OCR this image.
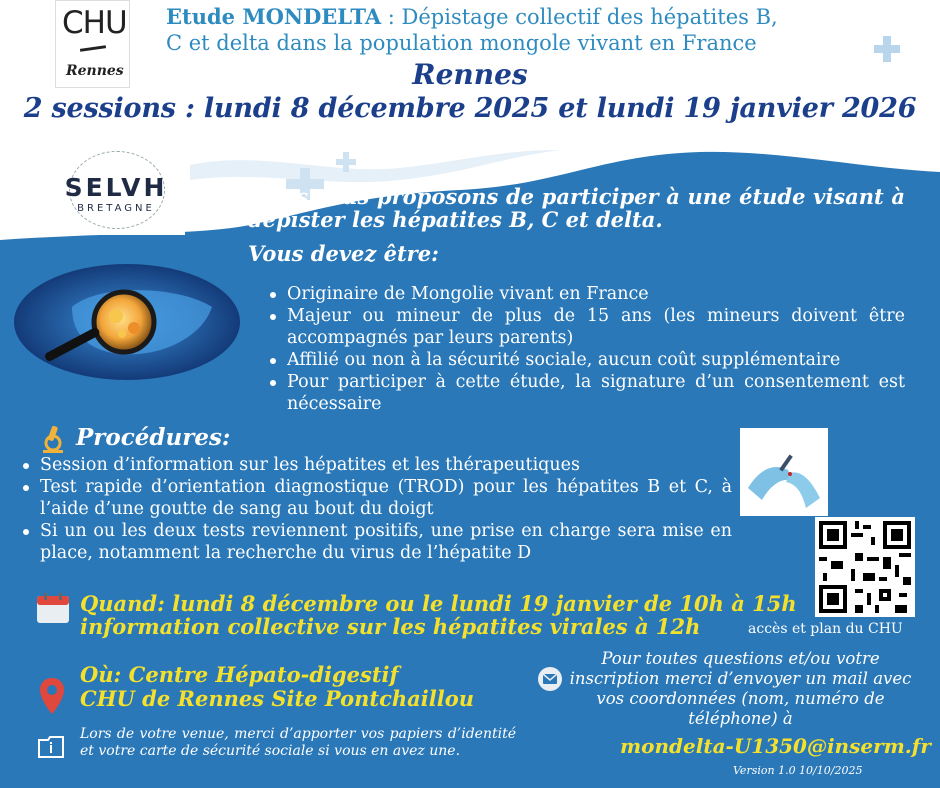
CHU
Rennes
Etude MONDELTA : Dépistage collectif des hépatites B,
C et delta dans la population mongole vivant en France
Rennes
2 sessions : lundi 8 décembre 2025 et lundi 19 janvier 2026
SELVH
BRETAGNE	Nous vous proposons de participer à une étude visant à dépister les hépatites B, C et delta.
Vous devez être:
Originaire de Mongolie vivant en France
Majeur ou mineur de plus de 15 ans (les mineurs doivent être accompagnés par leurs parents)
Affilié ou non à la sécurité sociale, aucun coût supplémentaire
Pour participer à cette étude, la signature d’un consentement est nécessaire
Procédures:
Session d’information sur les hépatites et les thérapeutiques
Test rapide d’orientation diagnostique (TROD) pour les hépatites B et C, à l’aide d’une goutte de sang au bout du doigt
Si un ou les deux tests reviennent positifs, une prise en charge sera mise en place, notamment la recherche du virus de l’hépatite D
accès et plan du CHU
Quand: lundi 8 décembre ou le lundi 19 janvier de 10h à 15h
information collective sur les hépatites virales à 12h
Où: Centre Hépato-digestif
CHU de Rennes Site Pontchaillou
Lors de votre venue, merci d’apporter vos papiers d’identité et votre carte de sécurité sociale si vous en avez une.
Pour toutes questions et/ou votre inscription merci d’envoyer un mail avec vos coordonnées (nom, numéro de téléphone) à
mondelta-U1350@inserm.fr
Version 1.0 10/10/2025
